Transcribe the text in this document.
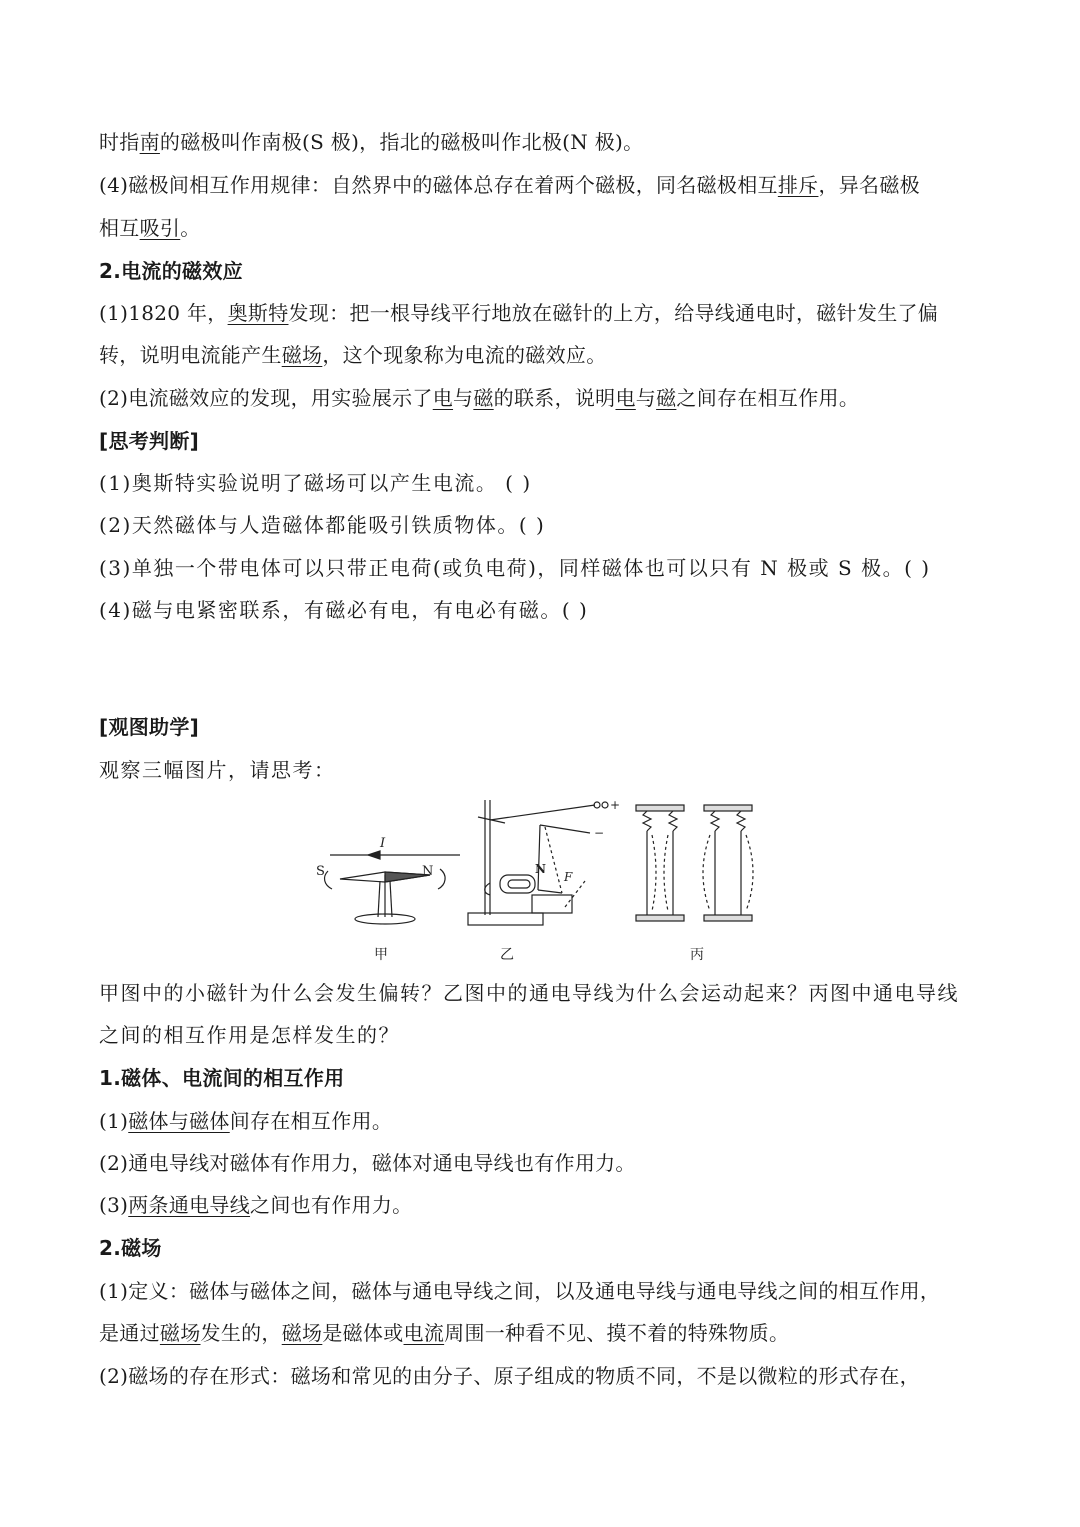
时指南的磁极叫作南极(S 极)，指北的磁极叫作北极(N 极)。
(4)磁极间相互作用规律：自然界中的磁体总存在着两个磁极，同名磁极相互排斥，异名磁极
相互吸引。
2.电流的磁效应
(1)1820 年，奥斯特发现：把一根导线平行地放在磁针的上方，给导线通电时，磁针发生了偏
转，说明电流能产生磁场，这个现象称为电流的磁效应。
(2)电流磁效应的发现，用实验展示了电与磁的联系，说明电与磁之间存在相互作用。
[思考判断]
(1)奥斯特实验说明了磁场可以产生电流。 ( )
(2)天然磁体与人造磁体都能吸引铁质物体。( )
(3)单独一个带电体可以只带正电荷(或负电荷)，同样磁体也可以只有 N 极或 S 极。( )
(4)磁与电紧密联系，有磁必有电，有电必有磁。( )
[观图助学]
观察三幅图片，请思考：
甲图中的小磁针为什么会发生偏转？乙图中的通电导线为什么会运动起来？丙图中通电导线
之间的相互作用是怎样发生的？
1.磁体、电流间的相互作用
(1)磁体与磁体间存在相互作用。
(2)通电导线对磁体有作用力，磁体对通电导线也有作用力。
(3)两条通电导线之间也有作用力。
2.磁场
(1)定义：磁体与磁体之间，磁体与通电导线之间，以及通电导线与通电导线之间的相互作用，
是通过磁场发生的，磁场是磁体或电流周围一种看不见、摸不着的特殊物质。
(2)磁场的存在形式：磁场和常见的由分子、原子组成的物质不同，不是以微粒的形式存在，
S	N
I
+
−
N
F
甲	乙	丙
